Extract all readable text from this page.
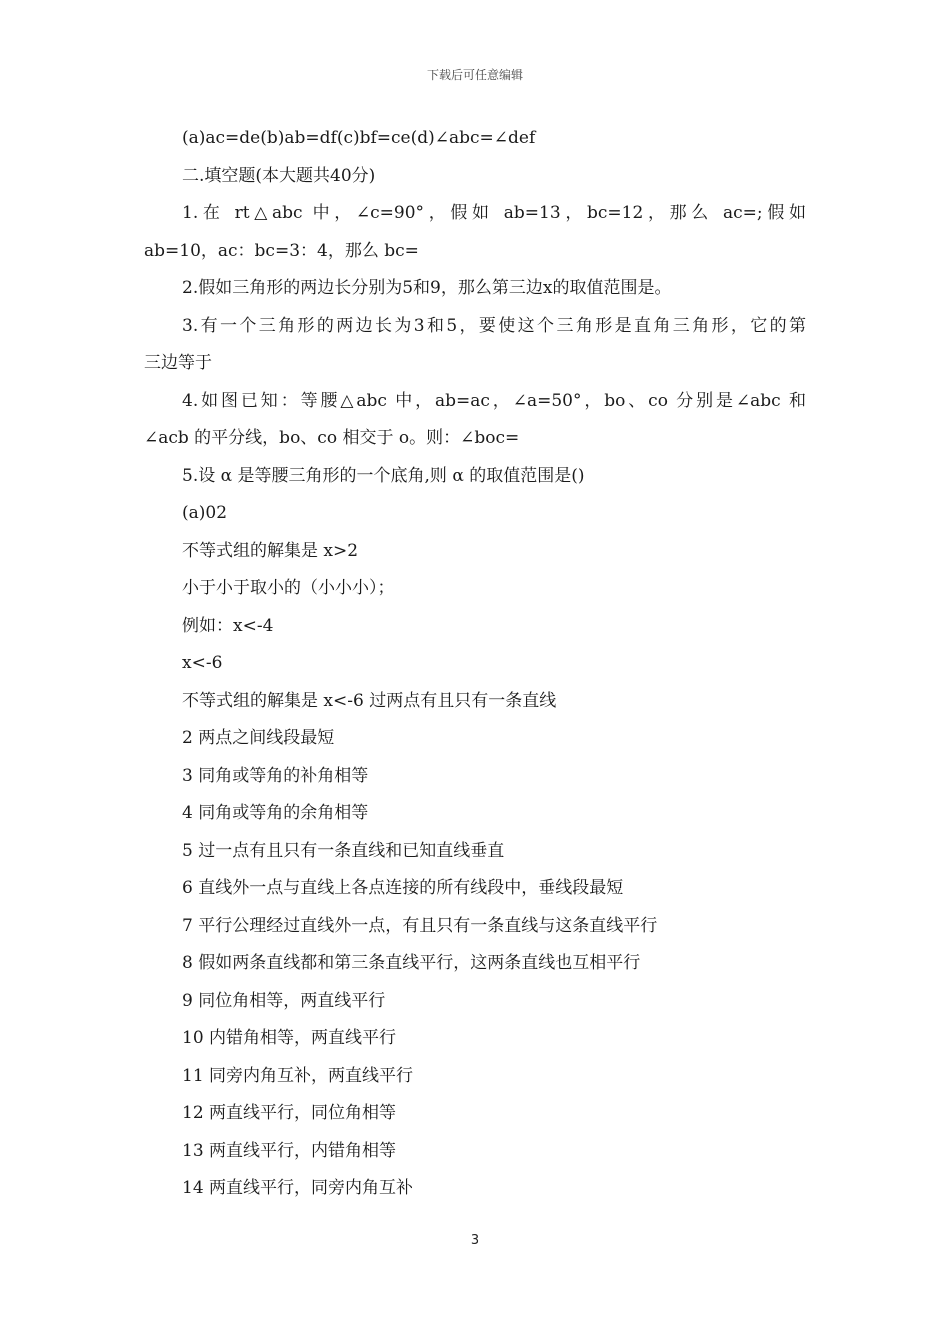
下载后可任意编辑
(a)ac=de(b)ab=df(c)bf=ce(d)∠abc=∠def
二.填空题(本大题共40分)
1.在 rt△abc 中，∠c=90°，假如 ab=13，bc=12，那么 ac=;假如
ab=10，ac：bc=3：4，那么 bc=
2.假如三角形的两边长分别为5和9，那么第三边x的取值范围是。
3.有一个三角形的两边长为3和5，要使这个三角形是直角三角形，它的第
三边等于
4.如图已知：等腰△abc 中，ab=ac，∠a=50°，bo、co 分别是∠abc 和
∠acb 的平分线，bo、co 相交于 o。则：∠boc=
5.设 α 是等腰三角形的一个底角,则 α 的取值范围是()
(a)02
不等式组的解集是 x>2
小于小于取小的（小小小）；
例如：x<-4
x<-6
不等式组的解集是 x<-6 过两点有且只有一条直线
2 两点之间线段最短
3 同角或等角的补角相等
4 同角或等角的余角相等
5 过一点有且只有一条直线和已知直线垂直
6 直线外一点与直线上各点连接的所有线段中，垂线段最短
7 平行公理经过直线外一点，有且只有一条直线与这条直线平行
8 假如两条直线都和第三条直线平行，这两条直线也互相平行
9 同位角相等，两直线平行
10 内错角相等，两直线平行
11 同旁内角互补，两直线平行
12 两直线平行，同位角相等
13 两直线平行，内错角相等
14 两直线平行，同旁内角互补
3
